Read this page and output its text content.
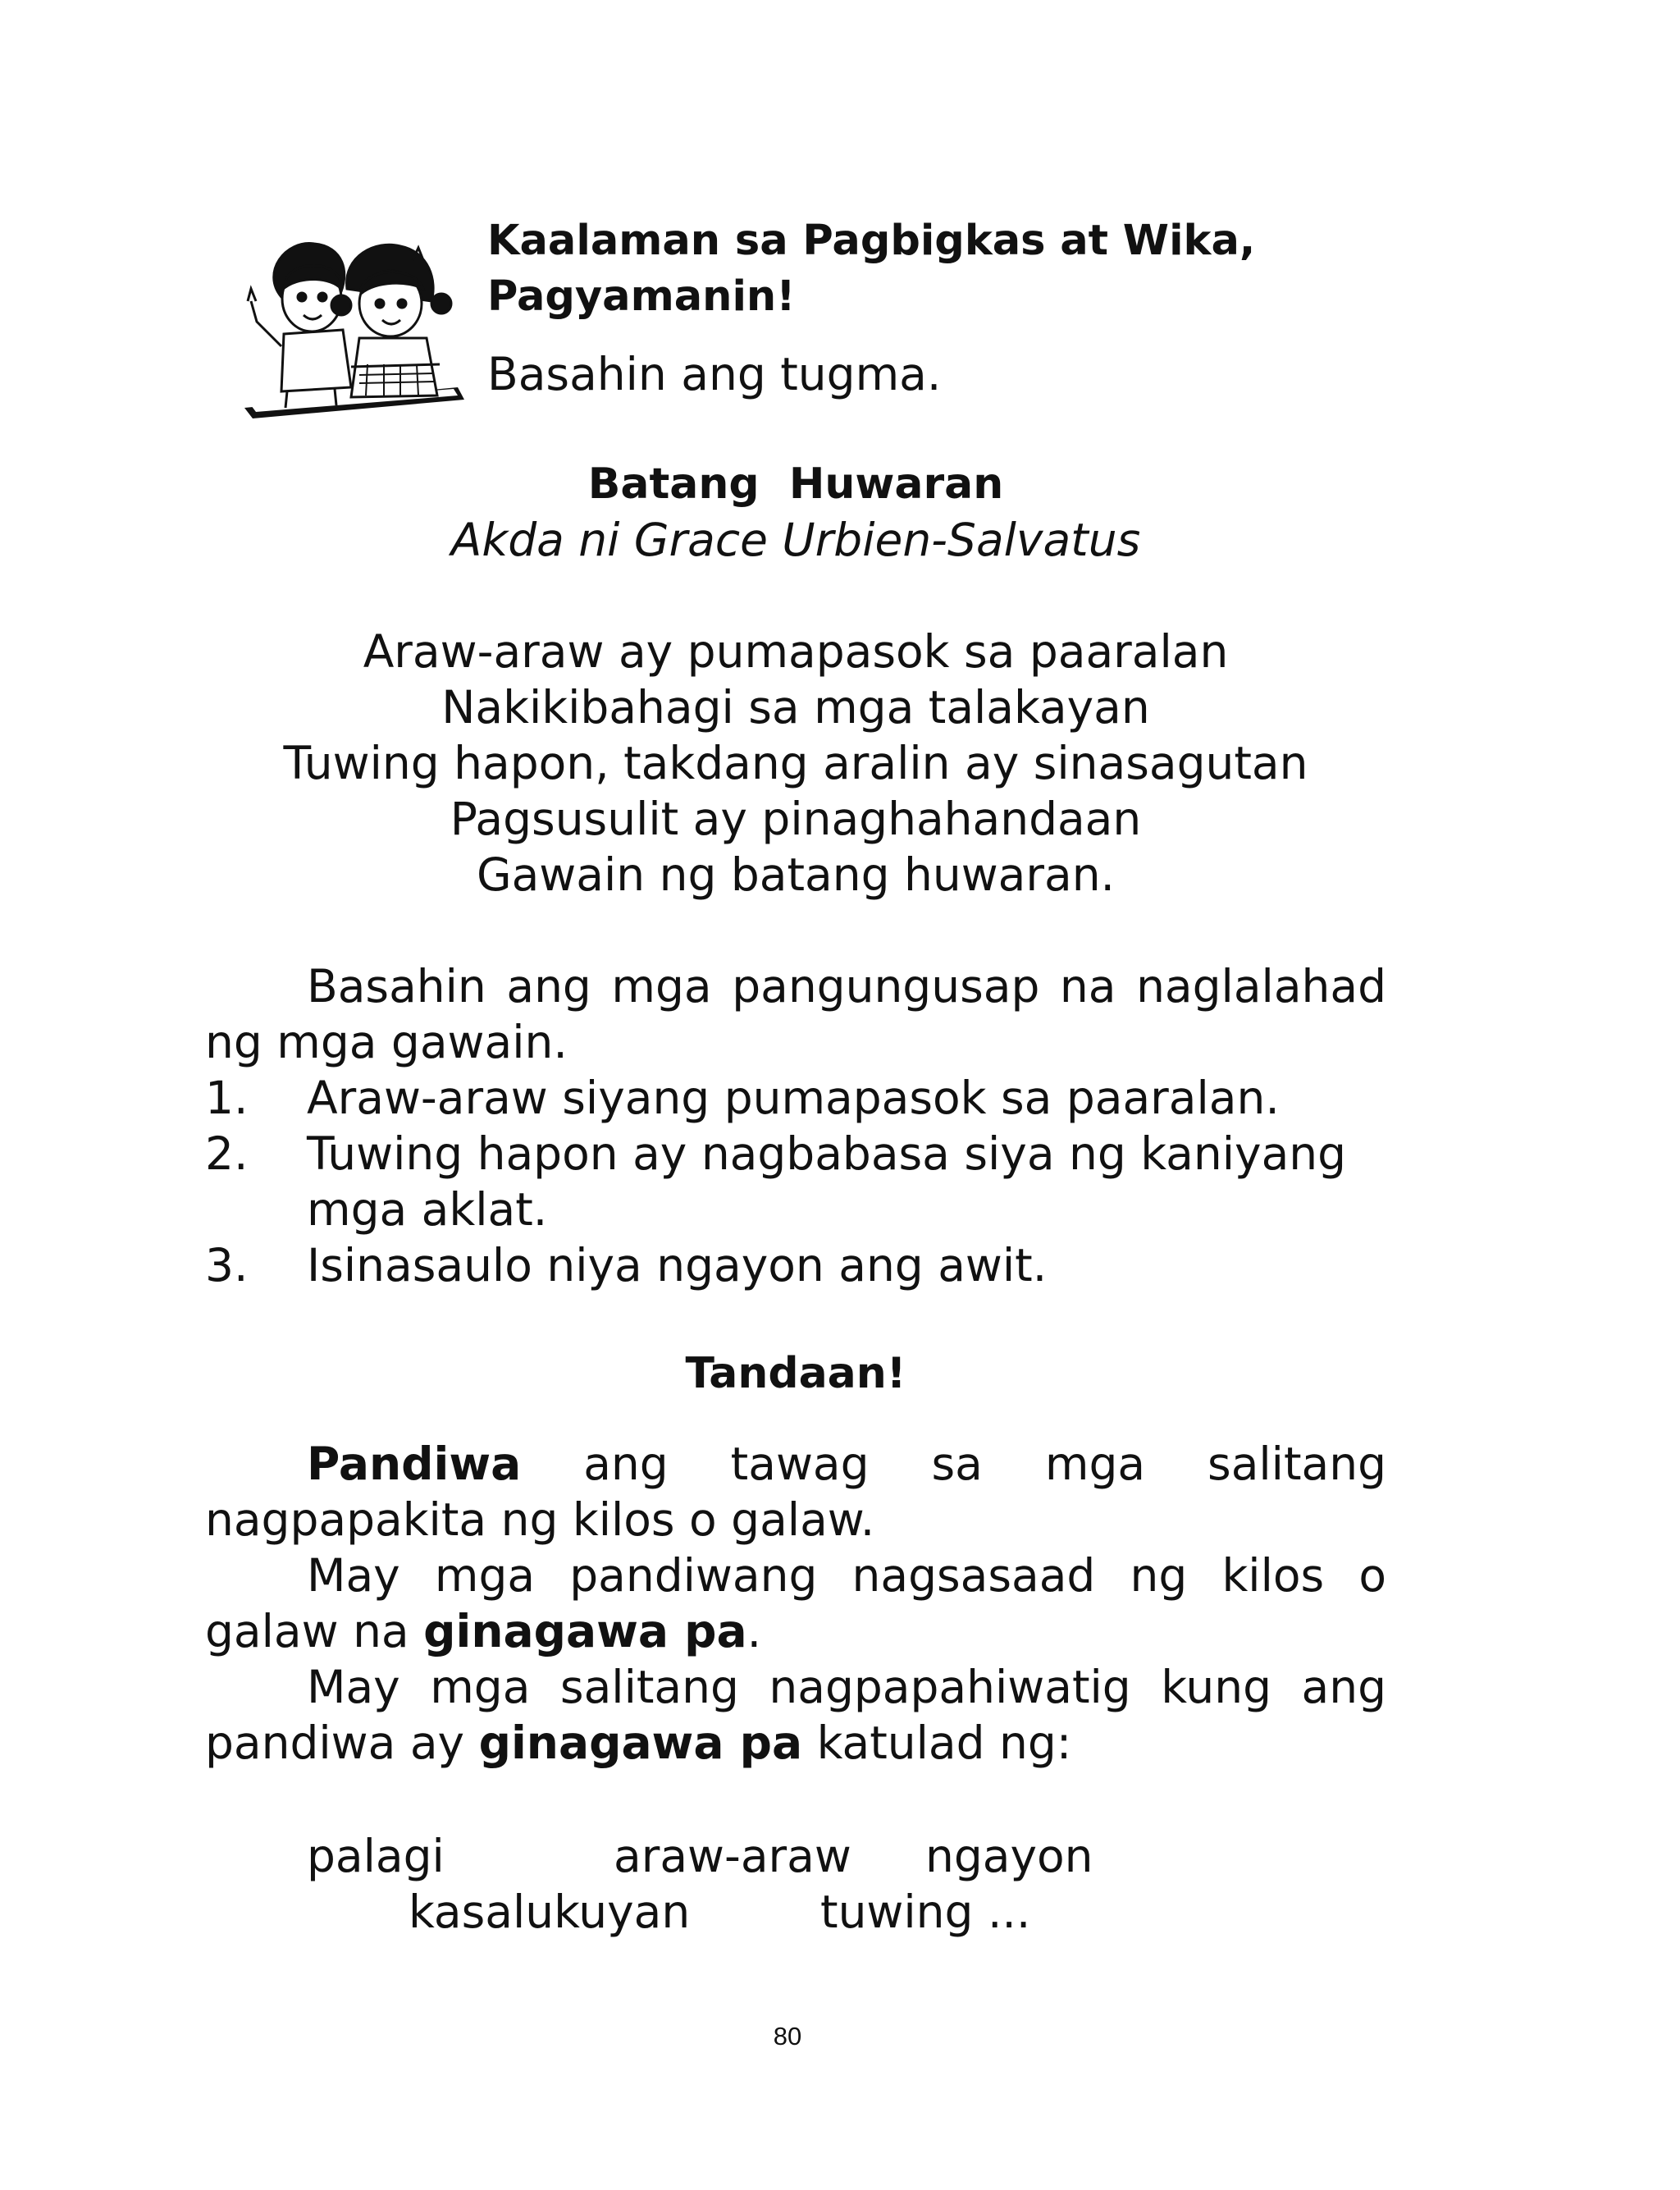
Kaalaman sa Pagbigkas at Wika,
Pagyamanin!

Basahin ang tugma.

Batang  Huwaran

Akda ni Grace Urbien-Salvatus

Araw-araw ay pumapasok sa paaralan
Nakikibahagi sa mga talakayan
Tuwing hapon, takdang aralin ay sinasagutan
Pagsusulit ay pinaghahandaan
Gawain ng batang huwaran.
Basahin ang mga pangungusap na naglalahad
ng mga gawain.
1.	Araw-araw siyang pumapasok sa paaralan.
2.	Tuwing hapon ay nagbabasa siya ng kaniyang
mga aklat.
3.	Isinasaulo niya ngayon ang awit.
Tandaan!
Pandiwa ang tawag sa mga salitang
nagpapakita ng kilos o galaw.
May mga pandiwang nagsasaad ng kilos o
galaw na ginagawa pa.
May mga salitang nagpapahiwatig kung ang
pandiwa ay ginagawa pa katulad ng:
palagi	araw-araw ngayon
kasalukuyan	tuwing ...
80
